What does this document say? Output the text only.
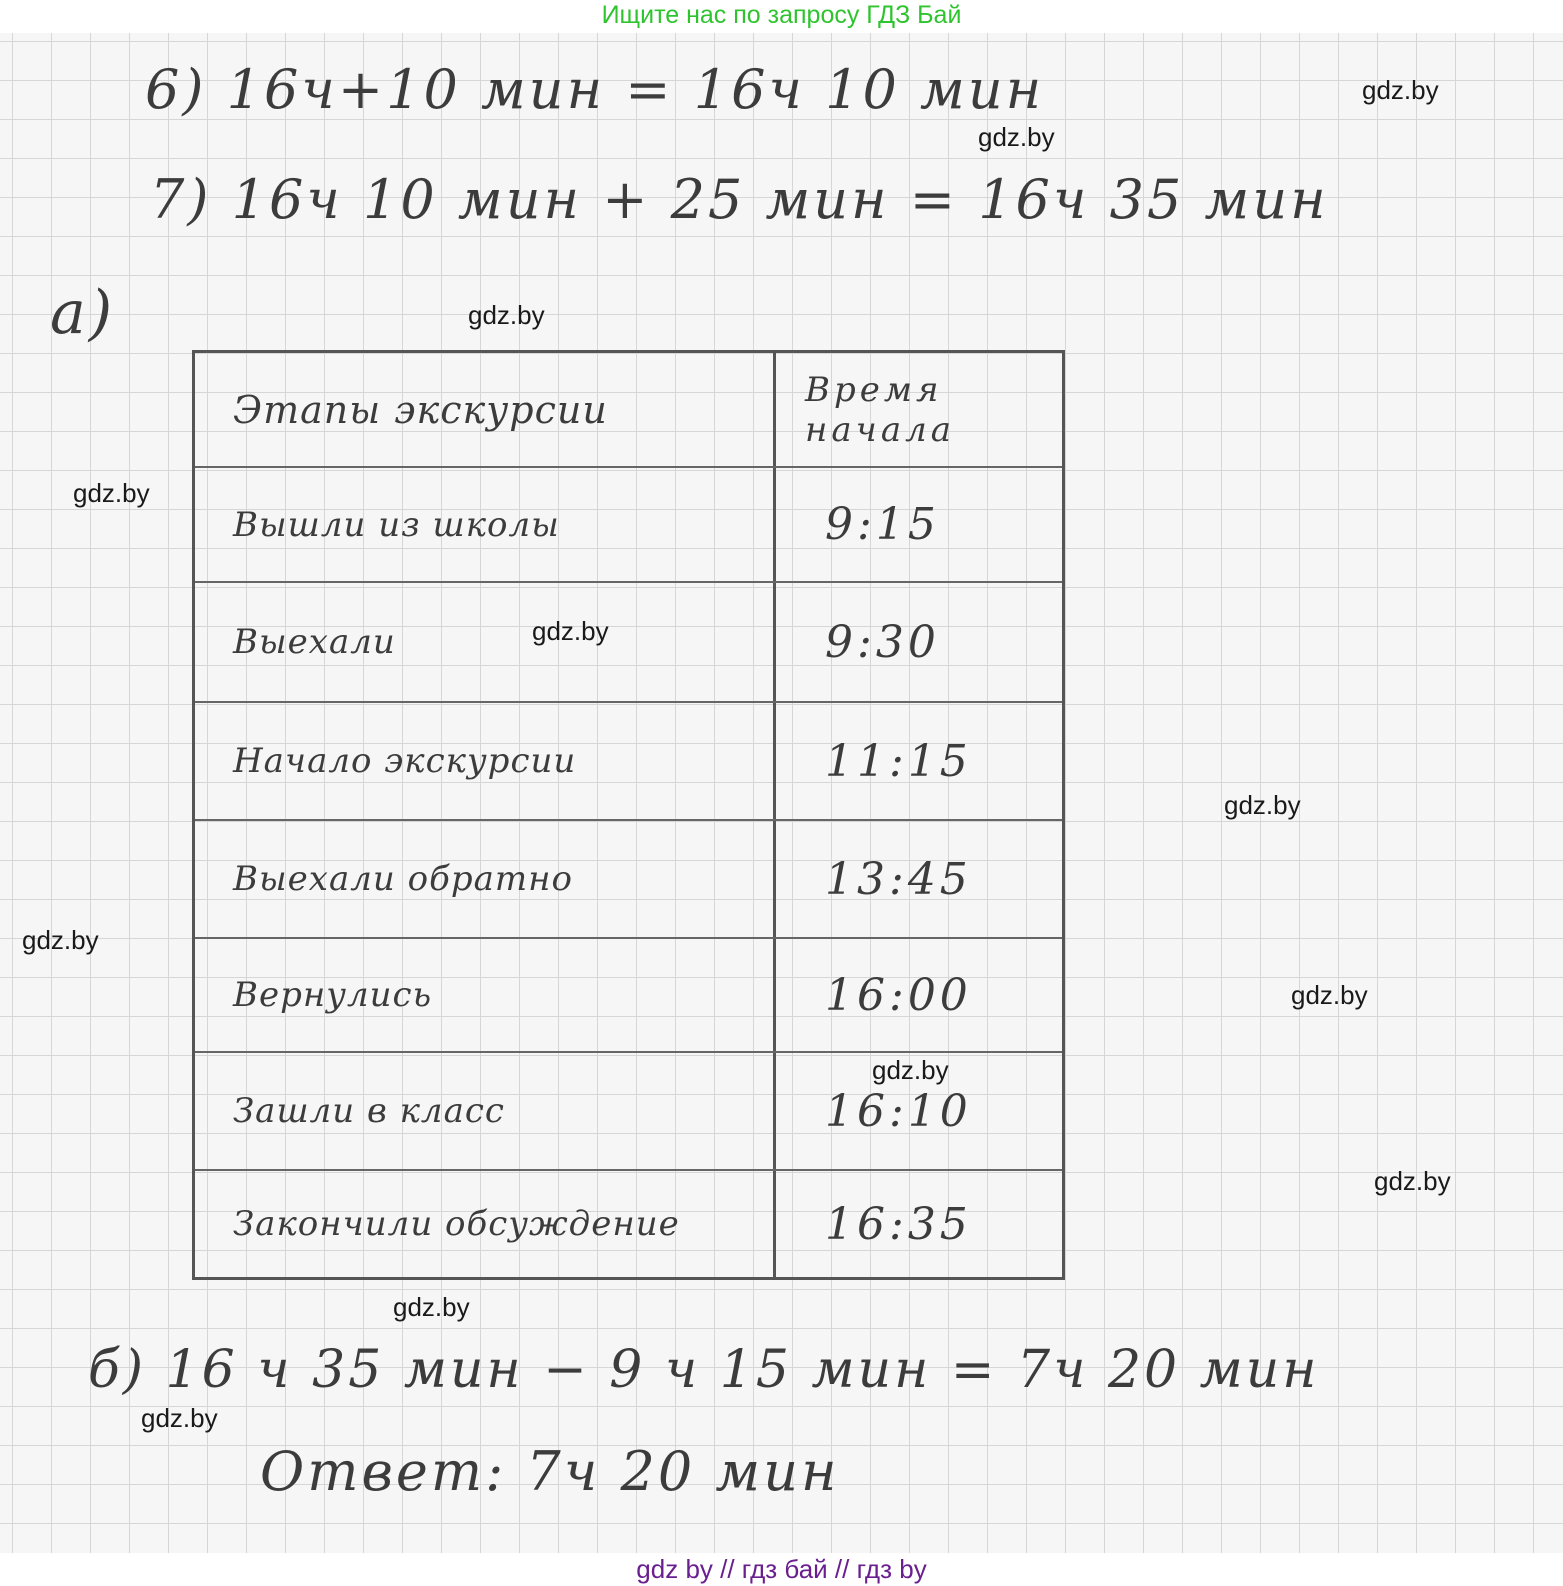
Ищите нас по запросу ГДЗ Бай
6) 16ч+10 мин = 16ч 10 мин
7) 16ч 10 мин + 25 мин = 16ч 35 мин
а)
Этапы экскурсии	Время
начала
Вышли из школы	9:15
Выехали	9:30
Начало экскурсии	11:15
Выехали обратно	13:45
Вернулись	16:00
Зашли в класс	16:10
Закончили обсуждение	16:35
б) 16 ч 35 мин − 9 ч 15 мин = 7ч 20 мин
Ответ: 7ч 20 мин
gdz.by
gdz.by
gdz.by
gdz.by
gdz.by
gdz.by
gdz.by
gdz.by
gdz.by
gdz.by
gdz.by
gdz.by
gdz by // гдз бай // гдз by
